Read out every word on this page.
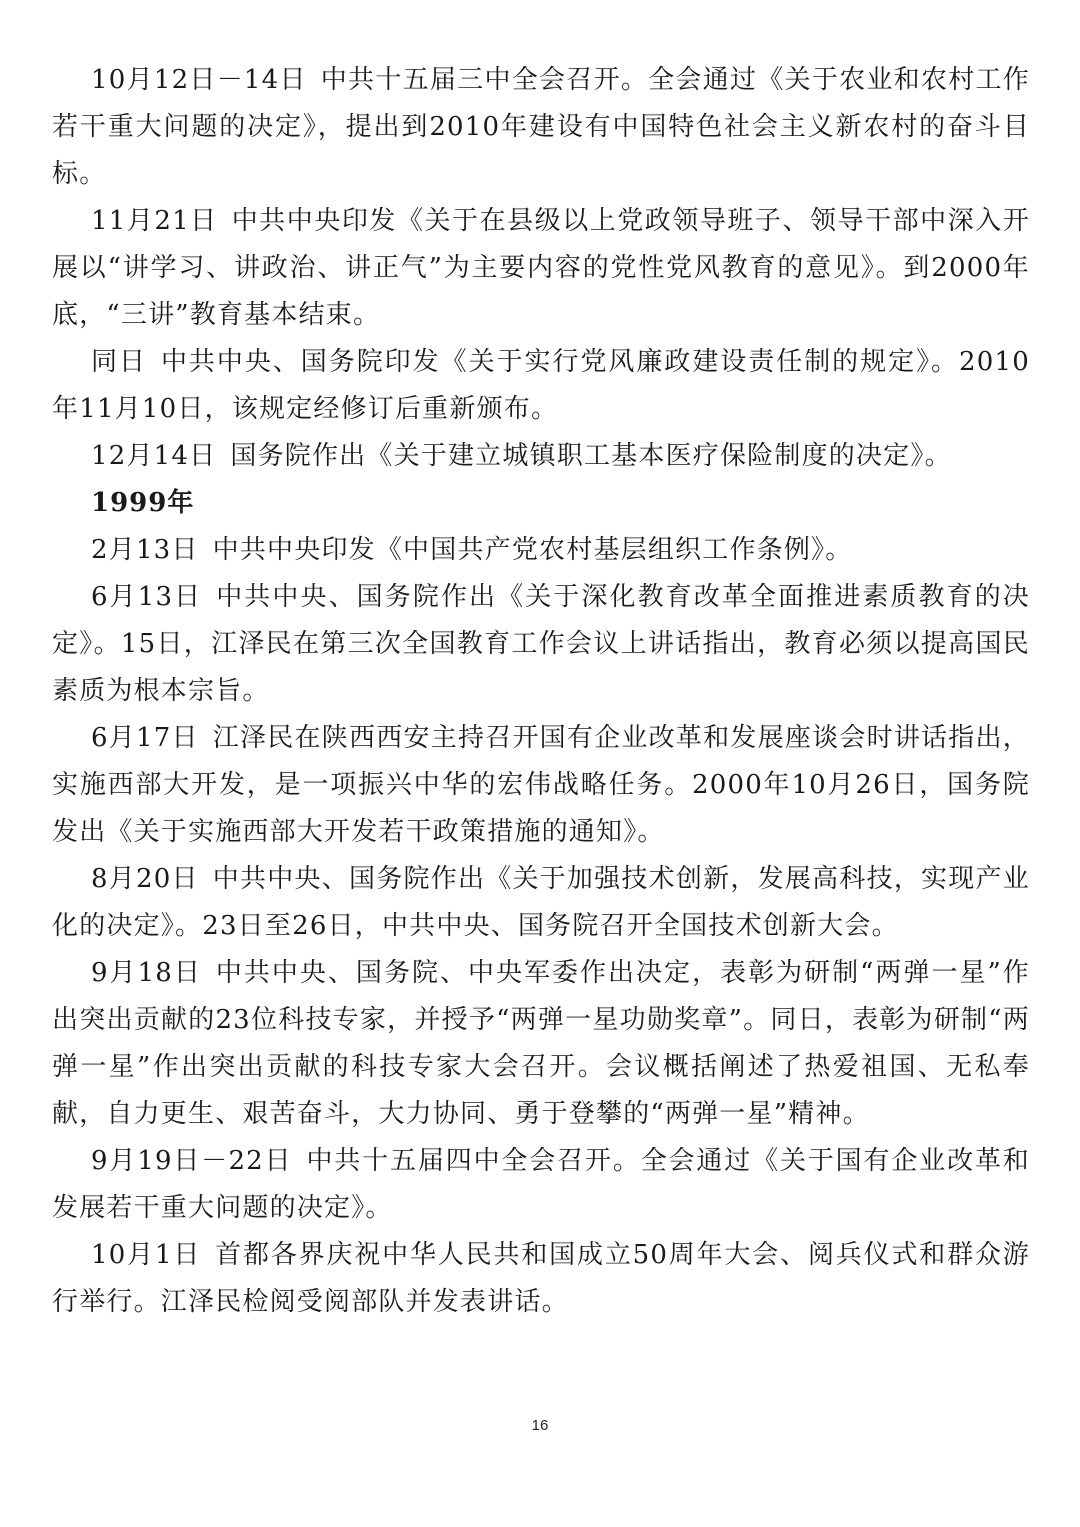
10月12日－14日 中共十五届三中全会召开。全会通过《关于农业和农村工作若干重大问题的决定》，提出到2010年建设有中国特色社会主义新农村的奋斗目标。

11月21日 中共中央印发《关于在县级以上党政领导班子、领导干部中深入开展以“讲学习、讲政治、讲正气”为主要内容的党性党风教育的意见》。到2000年底，“三讲”教育基本结束。

同日 中共中央、国务院印发《关于实行党风廉政建设责任制的规定》。2010年11月10日，该规定经修订后重新颁布。

12月14日 国务院作出《关于建立城镇职工基本医疗保险制度的决定》。

1999年

2月13日 中共中央印发《中国共产党农村基层组织工作条例》。

6月13日 中共中央、国务院作出《关于深化教育改革全面推进素质教育的决定》。15日，江泽民在第三次全国教育工作会议上讲话指出，教育必须以提高国民素质为根本宗旨。

6月17日 江泽民在陕西西安主持召开国有企业改革和发展座谈会时讲话指出，实施西部大开发，是一项振兴中华的宏伟战略任务。2000年10月26日，国务院发出《关于实施西部大开发若干政策措施的通知》。

8月20日 中共中央、国务院作出《关于加强技术创新，发展高科技，实现产业化的决定》。23日至26日，中共中央、国务院召开全国技术创新大会。

9月18日 中共中央、国务院、中央军委作出决定，表彰为研制“两弹一星”作出突出贡献的23位科技专家，并授予“两弹一星功勋奖章”。同日，表彰为研制“两弹一星”作出突出贡献的科技专家大会召开。会议概括阐述了热爱祖国、无私奉献，自力更生、艰苦奋斗，大力协同、勇于登攀的“两弹一星”精神。

9月19日－22日 中共十五届四中全会召开。全会通过《关于国有企业改革和发展若干重大问题的决定》。

10月1日 首都各界庆祝中华人民共和国成立50周年大会、阅兵仪式和群众游行举行。江泽民检阅受阅部队并发表讲话。

16
